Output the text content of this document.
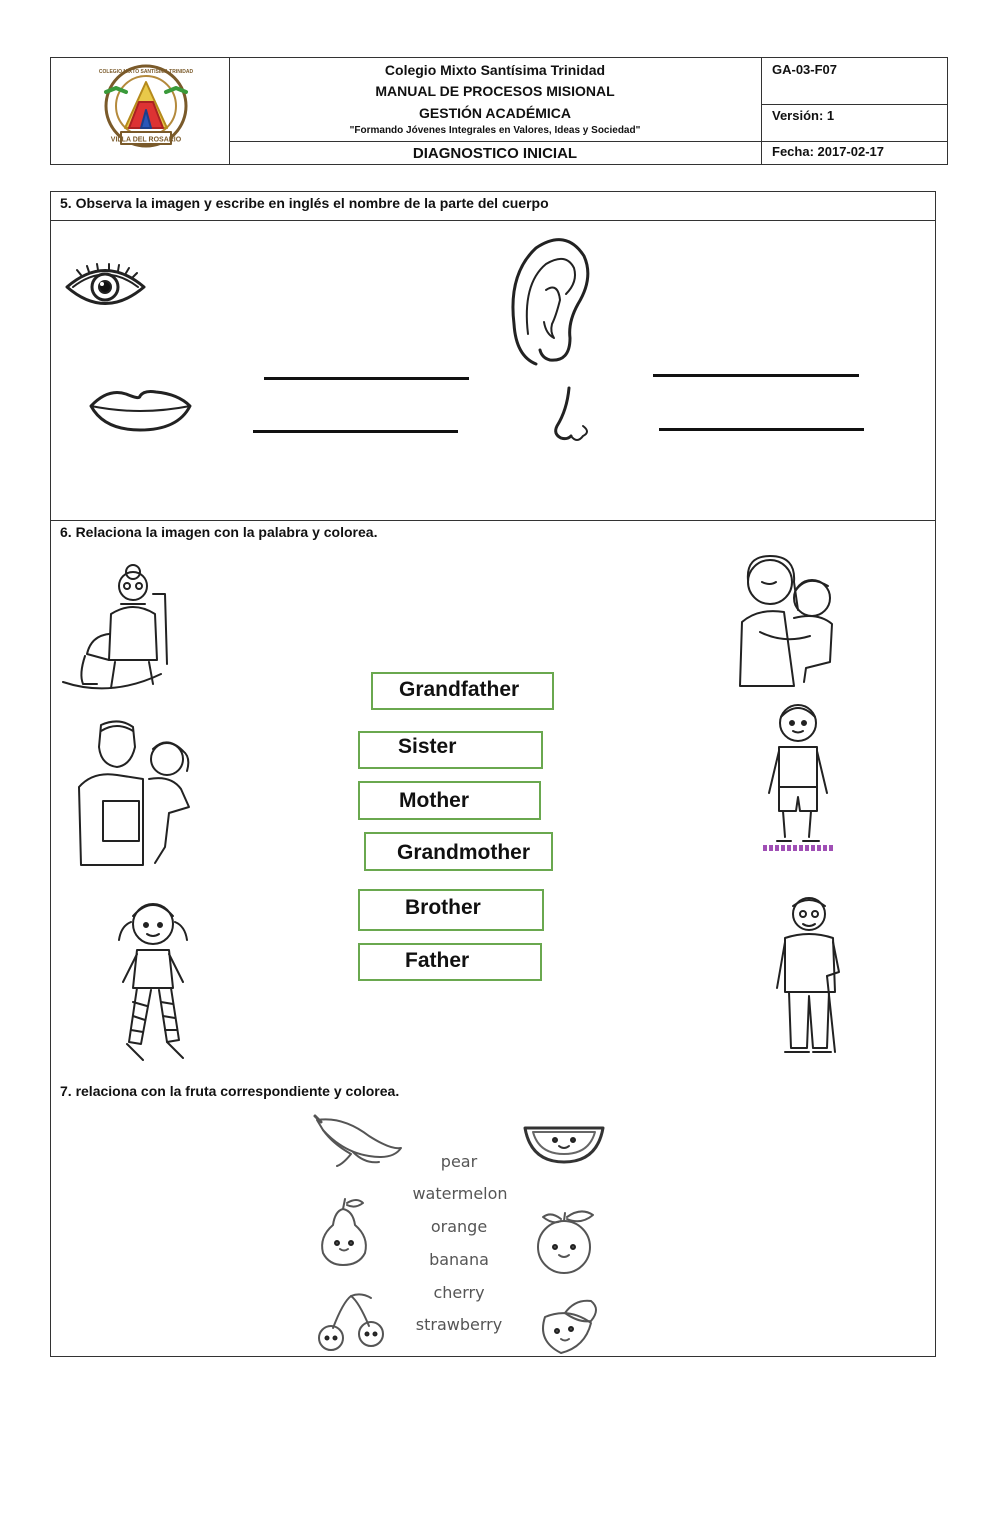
VILLA DEL ROSARIO
COLEGIO MIXTO SANTISIMA TRINIDAD	Colegio Mixto Santísima Trinidad
MANUAL DE PROCESOS MISIONAL
GESTIÓN ACADÉMICA
"Formando Jóvenes Integrales en Valores, Ideas y Sociedad"
DIAGNOSTICO INICIAL
GA-03-F07
Versión: 1
Fecha: 2017-02-17
5. Observa la imagen y escribe en inglés el nombre de la parte del cuerpo
6. Relaciona la imagen con la palabra y colorea.
Grandfather
Sister
Mother
Grandmother
Brother
Father
7. relaciona con la fruta correspondiente y colorea.
pear
watermelon
orange
banana
cherry
strawberry
